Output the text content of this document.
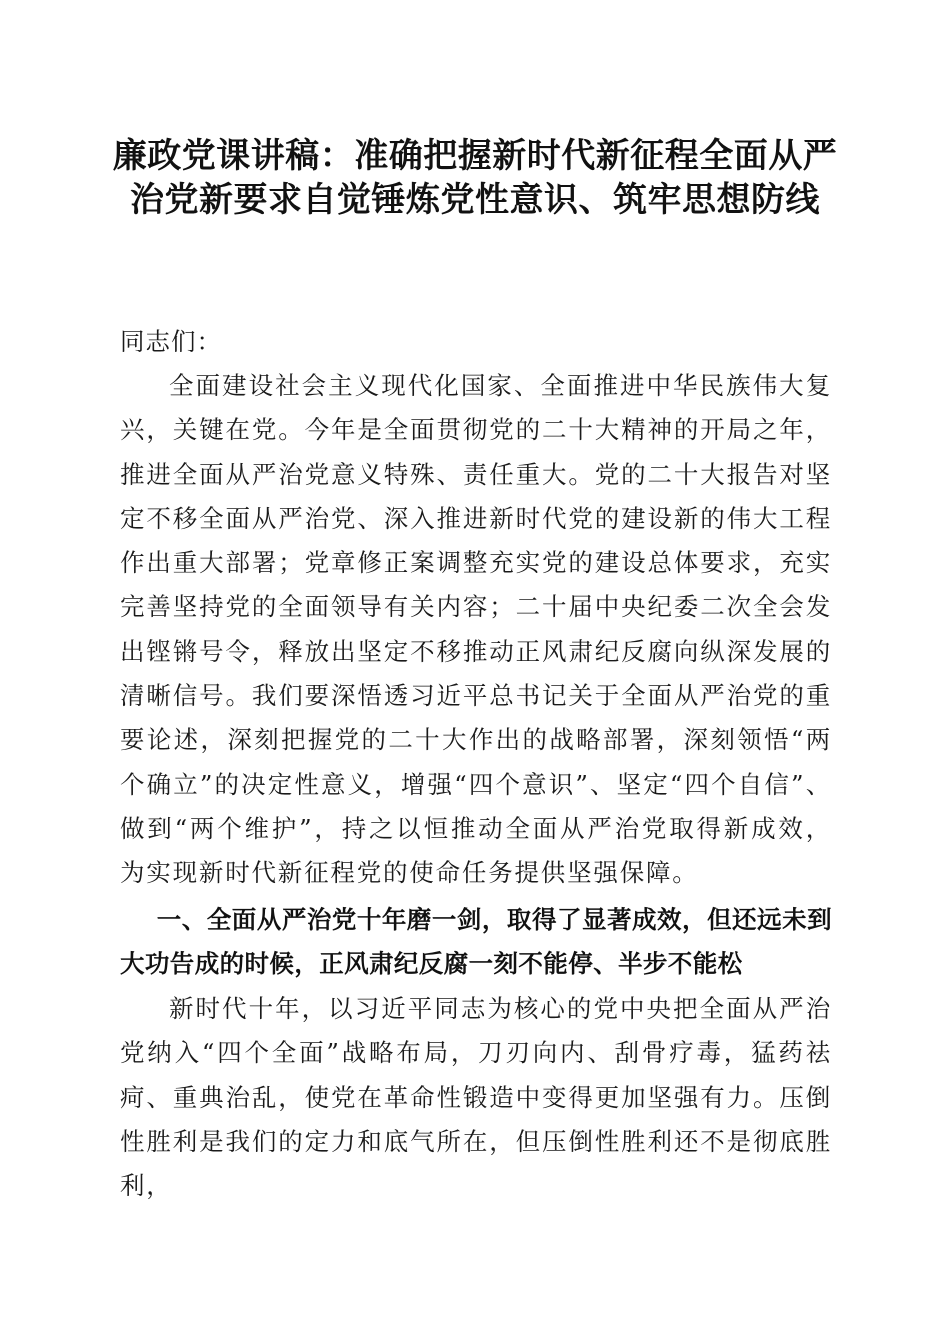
廉政党课讲稿：准确把握新时代新征程全面从严治党新要求自觉锤炼党性意识、筑牢思想防线

同志们：

全面建设社会主义现代化国家、全面推进中华民族伟大复兴，关键在党。今年是全面贯彻党的二十大精神的开局之年，推进全面从严治党意义特殊、责任重大。党的二十大报告对坚定不移全面从严治党、深入推进新时代党的建设新的伟大工程作出重大部署；党章修正案调整充实党的建设总体要求，充实完善坚持党的全面领导有关内容；二十届中央纪委二次全会发出铿锵号令，释放出坚定不移推动正风肃纪反腐向纵深发展的清晰信号。我们要深悟透习近平总书记关于全面从严治党的重要论述，深刻把握党的二十大作出的战略部署，深刻领悟“两个确立”的决定性意义，增强“四个意识”、坚定“四个自信”、做到“两个维护”，持之以恒推动全面从严治党取得新成效，为实现新时代新征程党的使命任务提供坚强保障。

一、全面从严治党十年磨一剑，取得了显著成效，但还远未到大功告成的时候，正风肃纪反腐一刻不能停、半步不能松

新时代十年，以习近平同志为核心的党中央把全面从严治党纳入“四个全面”战略布局，刀刃向内、刮骨疗毒，猛药祛疴、重典治乱，使党在革命性锻造中变得更加坚强有力。压倒性胜利是我们的定力和底气所在，但压倒性胜利还不是彻底胜利，
